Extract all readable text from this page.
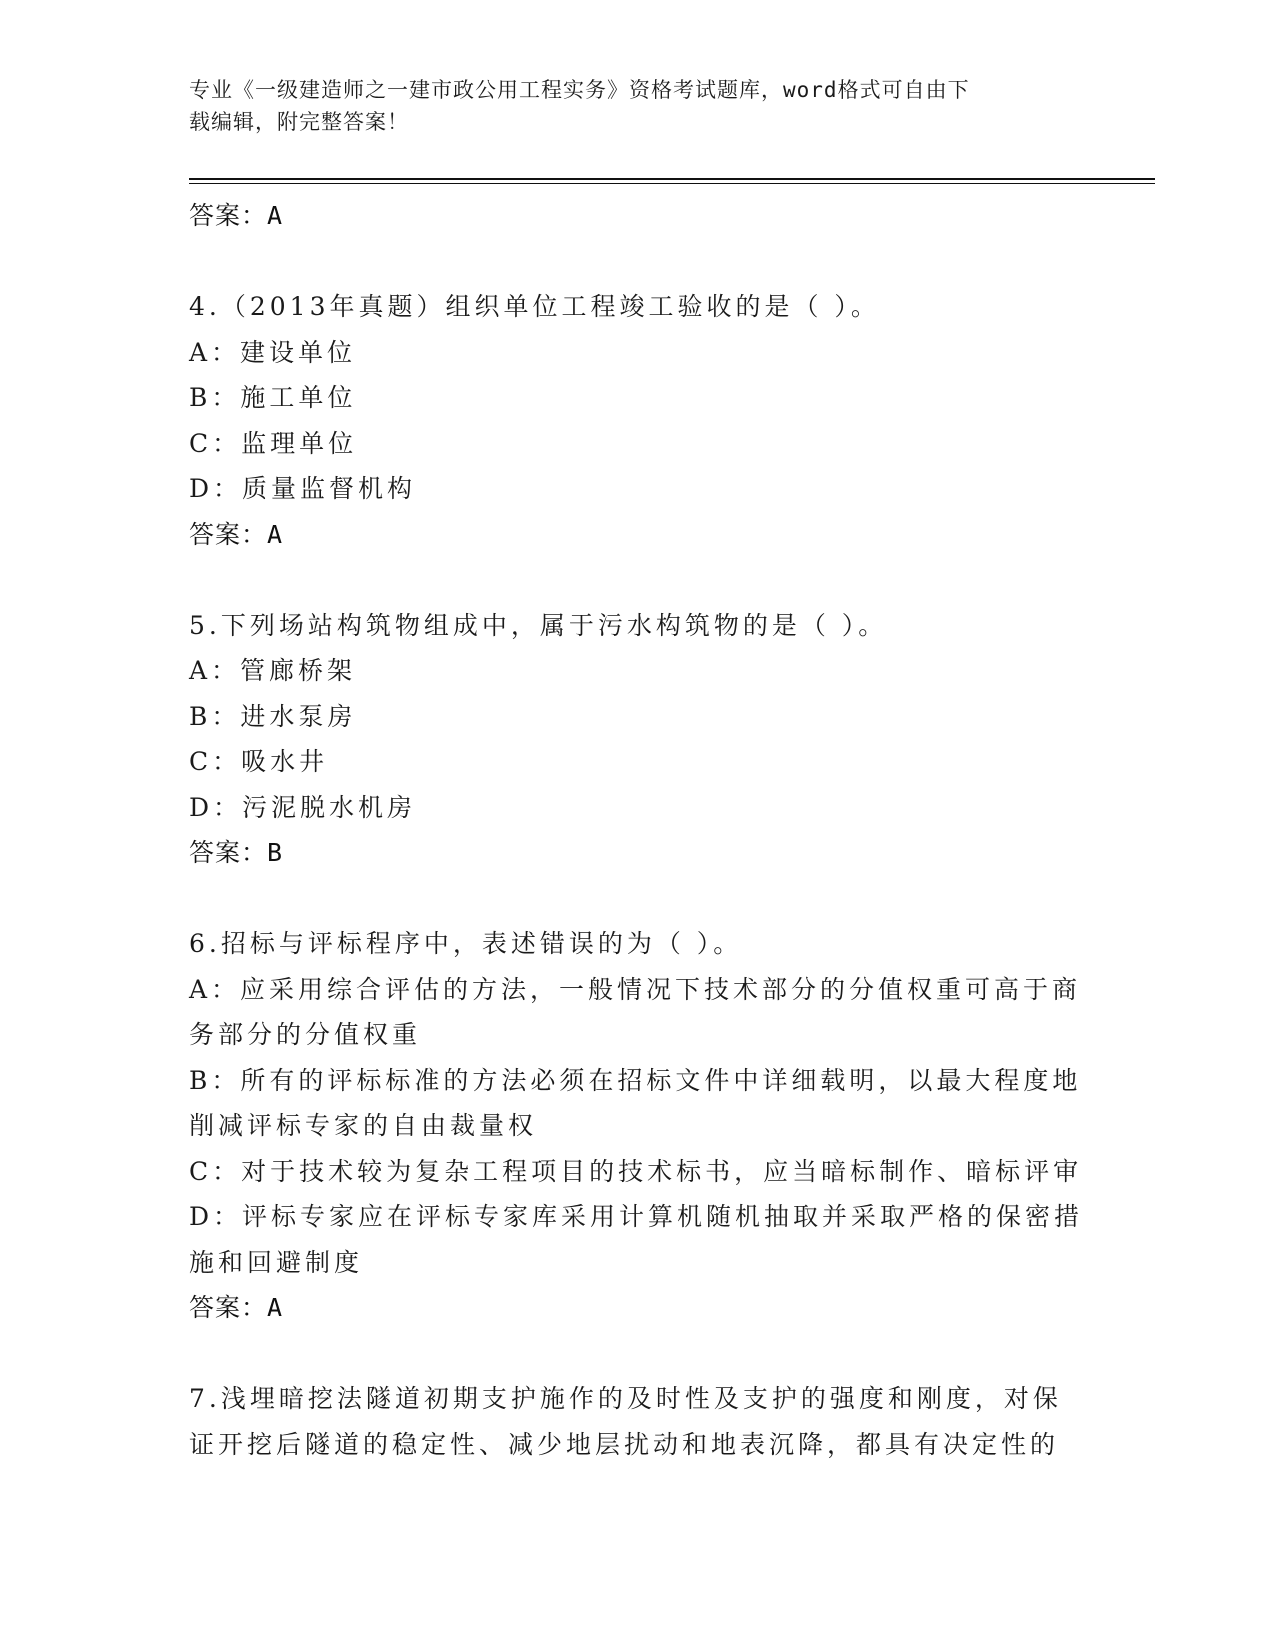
专业《一级建造师之一建市政公用工程实务》资格考试题库，word格式可自由下
载编辑，附完整答案！
答案：A
4.（2013年真题）组织单位工程竣工验收的是（ ）。
A：建设单位
B：施工单位
C：监理单位
D：质量监督机构
答案：A
5.下列场站构筑物组成中，属于污水构筑物的是（ ）。
A：管廊桥架
B：进水泵房
C：吸水井
D：污泥脱水机房
答案：B
6.招标与评标程序中，表述错误的为（ ）。
A：应采用综合评估的方法，一般情况下技术部分的分值权重可高于商
务部分的分值权重
B：所有的评标标准的方法必须在招标文件中详细载明，以最大程度地
削减评标专家的自由裁量权
C：对于技术较为复杂工程项目的技术标书，应当暗标制作、暗标评审
D：评标专家应在评标专家库采用计算机随机抽取并采取严格的保密措
施和回避制度
答案：A
7.浅埋暗挖法隧道初期支护施作的及时性及支护的强度和刚度，对保
证开挖后隧道的稳定性、减少地层扰动和地表沉降，都具有决定性的
